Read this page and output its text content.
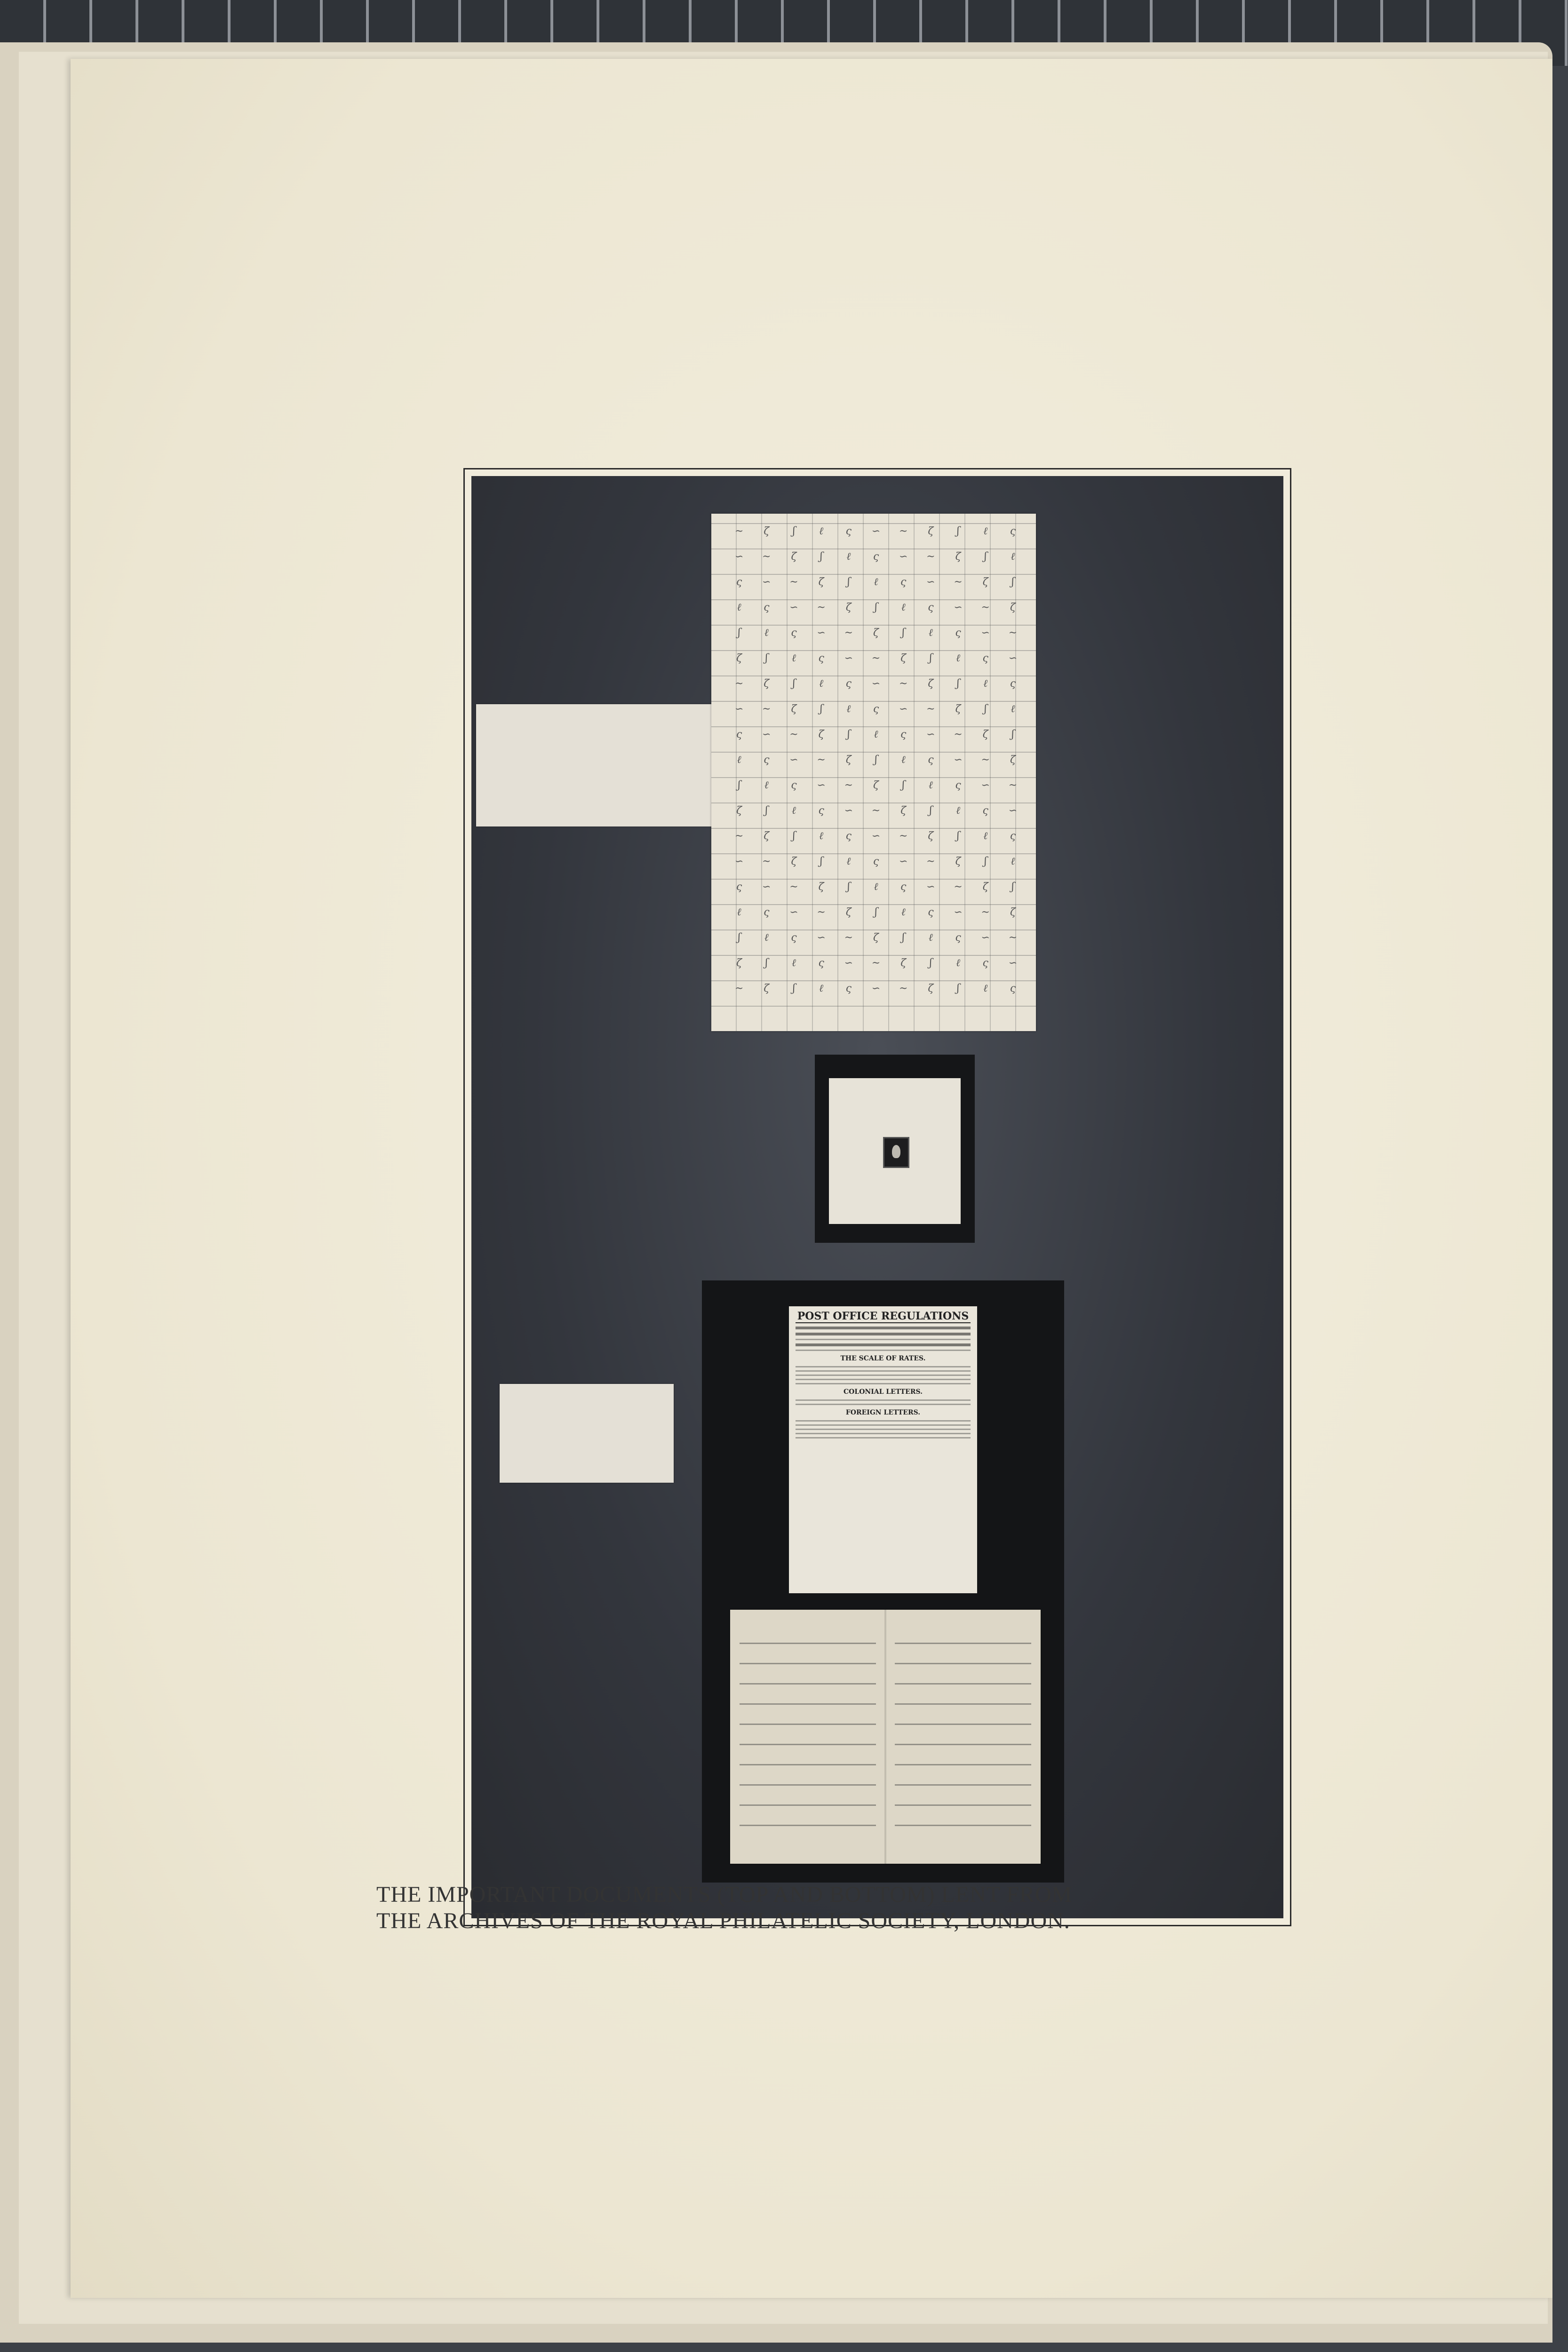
~ ζ ʃ ℓ ς ∽ ~ ζ ʃ ℓ ς
∽ ~ ζ ʃ ℓ ς ∽ ~ ζ ʃ ℓ
ς ∽ ~ ζ ʃ ℓ ς ∽ ~ ζ ʃ
ℓ ς ∽ ~ ζ ʃ ℓ ς ∽ ~ ζ
ʃ ℓ ς ∽ ~ ζ ʃ ℓ ς ∽ ~
ζ ʃ ℓ ς ∽ ~ ζ ʃ ℓ ς ∽
~ ζ ʃ ℓ ς ∽ ~ ζ ʃ ℓ ς
∽ ~ ζ ʃ ℓ ς ∽ ~ ζ ʃ ℓ
ς ∽ ~ ζ ʃ ℓ ς ∽ ~ ζ ʃ
ℓ ς ∽ ~ ζ ʃ ℓ ς ∽ ~ ζ
ʃ ℓ ς ∽ ~ ζ ʃ ℓ ς ∽ ~
ζ ʃ ℓ ς ∽ ~ ζ ʃ ℓ ς ∽
~ ζ ʃ ℓ ς ∽ ~ ζ ʃ ℓ ς
∽ ~ ζ ʃ ℓ ς ∽ ~ ζ ʃ ℓ
ς ∽ ~ ζ ʃ ℓ ς ∽ ~ ζ ʃ
ℓ ς ∽ ~ ζ ʃ ℓ ς ∽ ~ ζ
ʃ ℓ ς ∽ ~ ζ ʃ ℓ ς ∽ ~
ζ ʃ ℓ ς ∽ ~ ζ ʃ ℓ ς ∽
~ ζ ʃ ℓ ς ∽ ~ ζ ʃ ℓ ς
POST OFFICE REGULATIONS
THE SCALE OF RATES.
COLONIAL LETTERS.
FOREIGN LETTERS.
THE IMPORTANT DOCUMENTS (TOP AND BOTTOM) LENT FROM
THE ARCHIVES OF THE ROYAL PHILATELIC SOCIETY, LONDON.
